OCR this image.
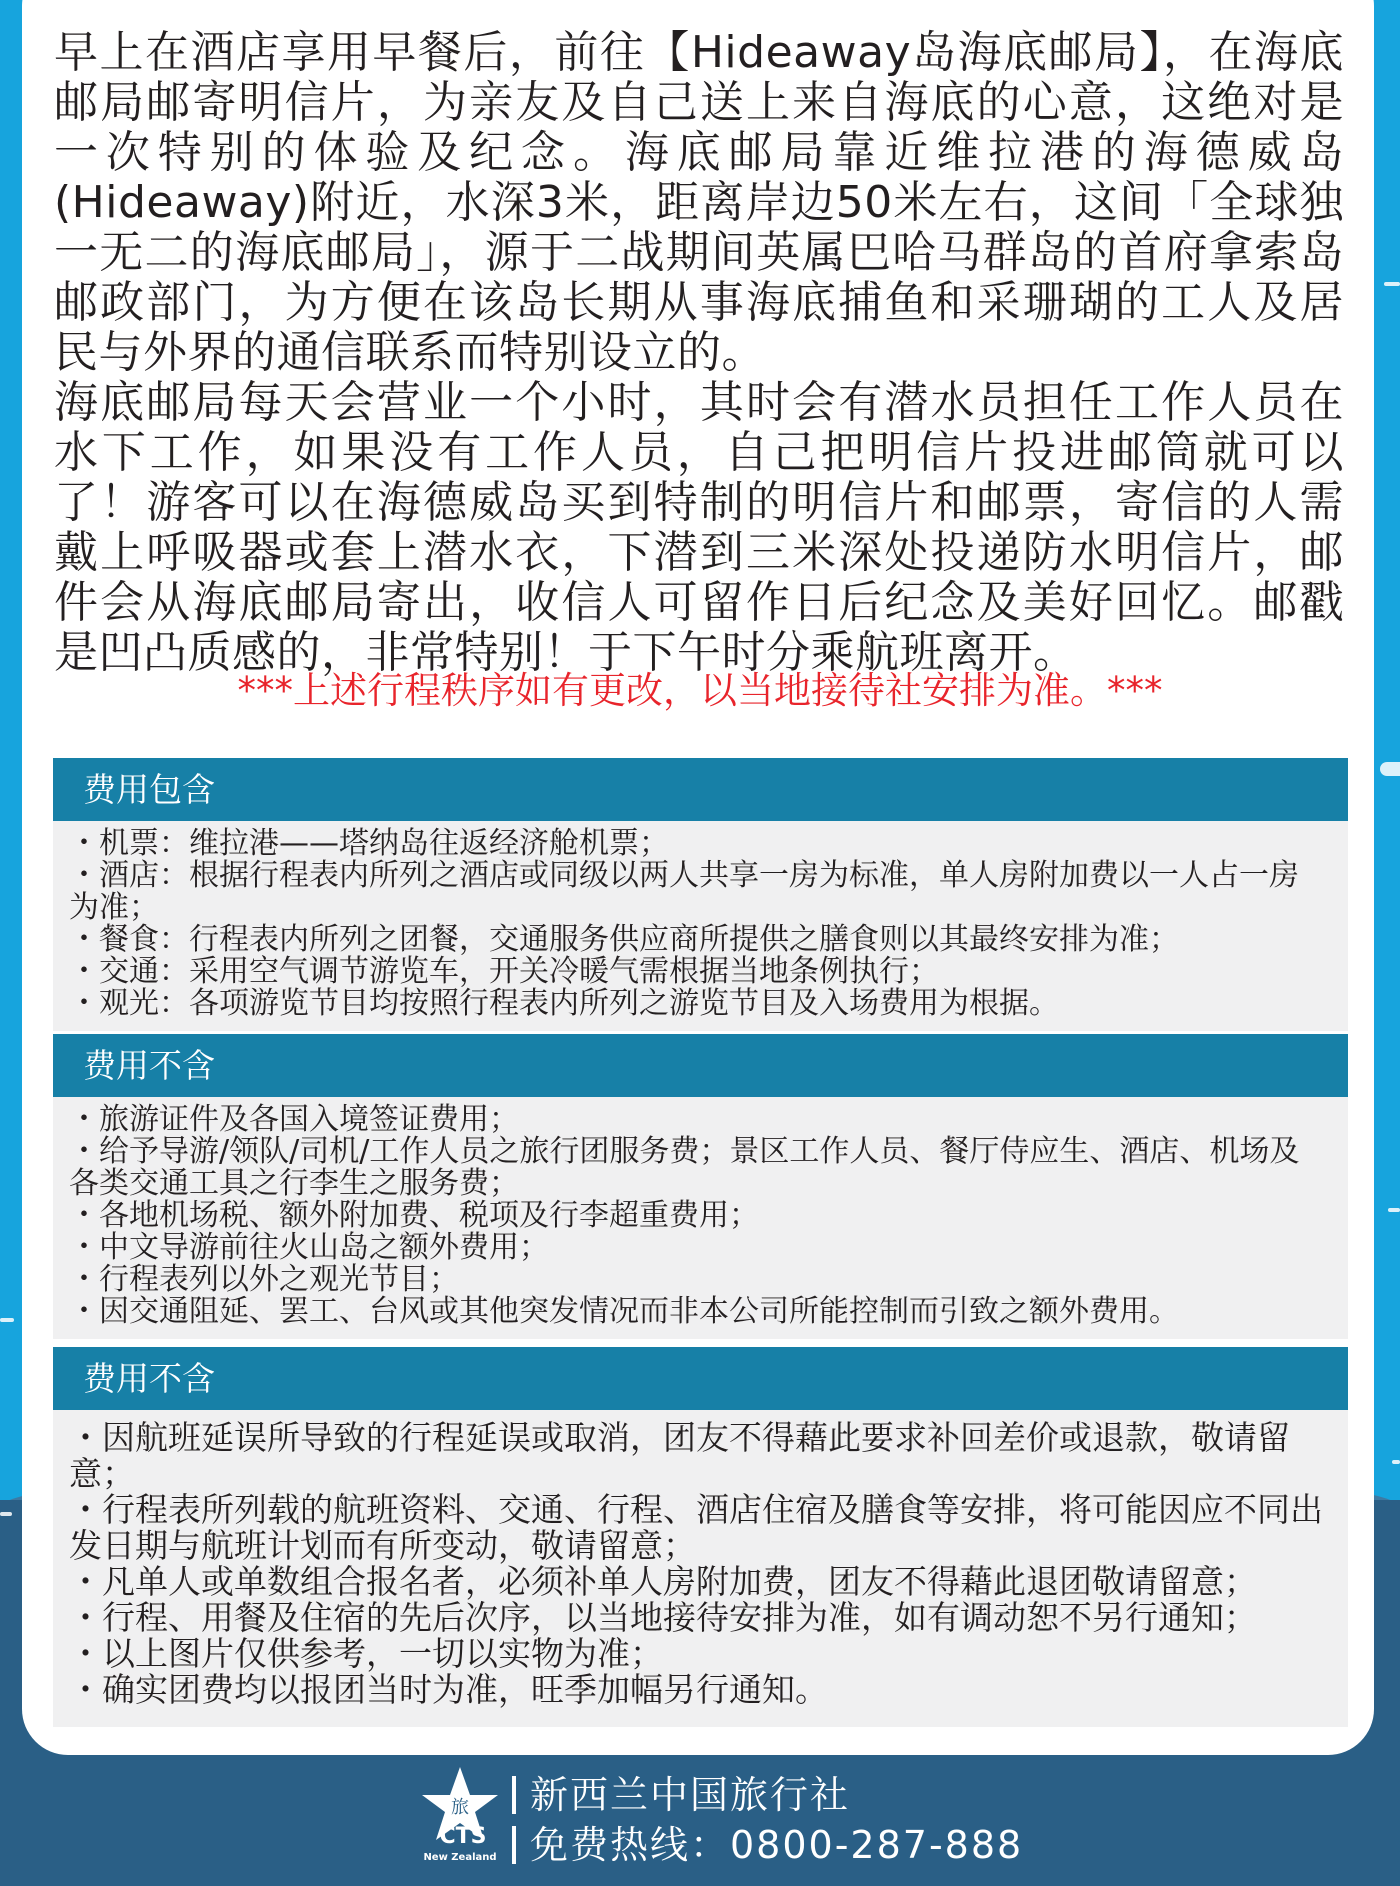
早上在酒店享用早餐后，前往【Hideaway岛海底邮局】，在海底邮局邮寄明信片，为亲友及自己送上来自海底的心意，这绝对是一次特别的体验及纪念。海底邮局靠近维拉港的海德威岛(Hideaway)附近，水深3米，距离岸边50米左右，这间「全球独一无二的海底邮局」，源于二战期间英属巴哈马群岛的首府拿索岛邮政部门，为方便在该岛长期从事海底捕鱼和采珊瑚的工人及居民与外界的通信联系而特别设立的。

海底邮局每天会营业一个小时，其时会有潜水员担任工作人员在水下工作，如果没有工作人员，自己把明信片投进邮筒就可以了！游客可以在海德威岛买到特制的明信片和邮票，寄信的人需戴上呼吸器或套上潜水衣，下潜到三米深处投递防水明信片，邮件会从海底邮局寄出，收信人可留作日后纪念及美好回忆。邮戳是凹凸质感的，非常特别！于下午时分乘航班离开。

***上述行程秩序如有更改，以当地接待社安排为准。***
费用包含

・机票：维拉港——塔纳岛往返经济舱机票；

・酒店：根据行程表内所列之酒店或同级以两人共享一房为标准，单人房附加费以一人占一房为准；

・餐食：行程表内所列之团餐，交通服务供应商所提供之膳食则以其最终安排为准；

・交通：采用空气调节游览车，开关冷暖气需根据当地条例执行；

・观光：各项游览节目均按照行程表内所列之游览节目及入场费用为根据。

费用不含

・旅游证件及各国入境签证费用；

・给予导游/领队/司机/工作人员之旅行团服务费；景区工作人员、餐厅侍应生、酒店、机场及各类交通工具之行李生之服务费；

・各地机场税、额外附加费、税项及行李超重费用；

・中文导游前往火山岛之额外费用；

・行程表列以外之观光节目；

・因交通阻延、罢工、台风或其他突发情况而非本公司所能控制而引致之额外费用。

费用不含

・因航班延误所导致的行程延误或取消，团友不得藉此要求补回差价或退款，敬请留意；

・行程表所列载的航班资料、交通、行程、酒店住宿及膳食等安排，将可能因应不同出发日期与航班计划而有所变动，敬请留意；

・凡单人或单数组合报名者，必须补单人房附加费，团友不得藉此退团敬请留意；

・行程、用餐及住宿的先后次序，以当地接待安排为准，如有调动恕不另行通知；

・以上图片仅供参考，一切以实物为准；

・确实团费均以报团当时为准，旺季加幅另行通知。

旅
CTS
New Zealand
新西兰中国旅行社
免费热线：0800-287-888
